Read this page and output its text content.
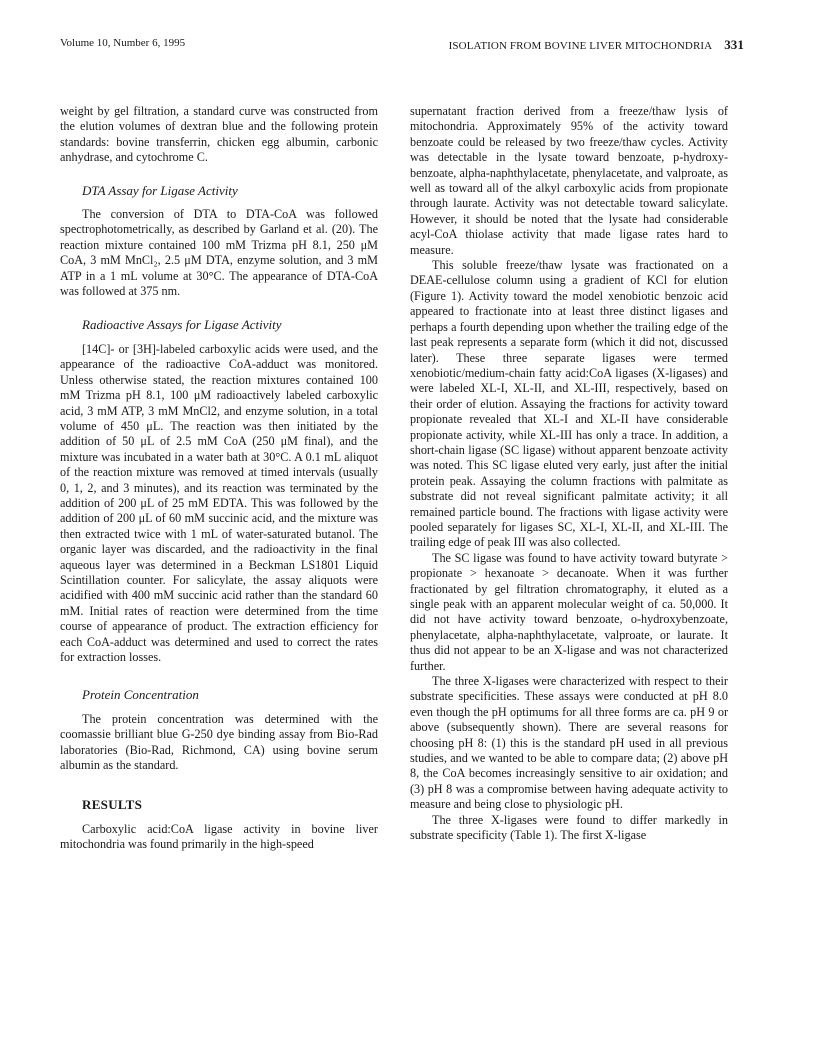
Volume 10, Number 6, 1995	ISOLATION FROM BOVINE LIVER MITOCHONDRIA 331

weight by gel filtration, a standard curve was constructed from the elution volumes of dextran blue and the following protein standards: bovine transferrin, chicken egg albumin, carbonic anhydrase, and cytochrome C.

DTA Assay for Ligase Activity

The conversion of DTA to DTA-CoA was followed spectrophotometrically, as described by Garland et al. (20). The reaction mixture contained 100 mM Trizma pH 8.1, 250 μM CoA, 3 mM MnCl₂, 2.5 μM DTA, enzyme solution, and 3 mM ATP in a 1 mL volume at 30°C. The appearance of DTA-CoA was followed at 375 nm.

Radioactive Assays for Ligase Activity

[14C]- or [3H]-labeled carboxylic acids were used, and the appearance of the radioactive CoA-adduct was monitored. Unless otherwise stated, the reaction mixtures contained 100 mM Trizma pH 8.1, 100 μM radioactively labeled carboxylic acid, 3 mM ATP, 3 mM MnCl2, and enzyme solution, in a total volume of 450 μL. The reaction was then initiated by the addition of 50 μL of 2.5 mM CoA (250 μM final), and the mixture was incubated in a water bath at 30°C. A 0.1 mL aliquot of the reaction mixture was removed at timed intervals (usually 0, 1, 2, and 3 minutes), and its reaction was terminated by the addition of 200 μL of 25 mM EDTA. This was followed by the addition of 200 μL of 60 mM succinic acid, and the mixture was then extracted twice with 1 mL of water-saturated butanol. The organic layer was discarded, and the radioactivity in the final aqueous layer was determined in a Beckman LS1801 Liquid Scintillation counter. For salicylate, the assay aliquots were acidified with 400 mM succinic acid rather than the standard 60 mM. Initial rates of reaction were determined from the time course of appearance of product. The extraction efficiency for each CoA-adduct was determined and used to correct the rates for extraction losses.

Protein Concentration

The protein concentration was determined with the coomassie brilliant blue G-250 dye binding assay from Bio-Rad laboratories (Bio-Rad, Richmond, CA) using bovine serum albumin as the standard.

RESULTS

Carboxylic acid:CoA ligase activity in bovine liver mitochondria was found primarily in the high-speed

supernatant fraction derived from a freeze/thaw lysis of mitochondria. Approximately 95% of the activity toward benzoate could be released by two freeze/thaw cycles. Activity was detectable in the lysate toward benzoate, p-hydroxy-benzoate, alpha-naphthylacetate, phenylacetate, and valproate, as well as toward all of the alkyl carboxylic acids from propionate through laurate. Activity was not detectable toward salicylate. However, it should be noted that the lysate had considerable acyl-CoA thiolase activity that made ligase rates hard to measure.

This soluble freeze/thaw lysate was fractionated on a DEAE-cellulose column using a gradient of KCl for elution (Figure 1). Activity toward the model xenobiotic benzoic acid appeared to fractionate into at least three distinct ligases and perhaps a fourth depending upon whether the trailing edge of the last peak represents a separate form (which it did not, discussed later). These three separate ligases were termed xenobiotic/medium-chain fatty acid:CoA ligases (X-ligases) and were labeled XL-I, XL-II, and XL-III, respectively, based on their order of elution. Assaying the fractions for activity toward propionate revealed that XL-I and XL-II have considerable propionate activity, while XL-III has only a trace. In addition, a short-chain ligase (SC ligase) without apparent benzoate activity was noted. This SC ligase eluted very early, just after the initial protein peak. Assaying the column fractions with palmitate as substrate did not reveal significant palmitate activity; it all remained particle bound. The fractions with ligase activity were pooled separately for ligases SC, XL-I, XL-II, and XL-III. The trailing edge of peak III was also collected.

The SC ligase was found to have activity toward butyrate > propionate > hexanoate > decanoate. When it was further fractionated by gel filtration chromatography, it eluted as a single peak with an apparent molecular weight of ca. 50,000. It did not have activity toward benzoate, o-hydroxybenzoate, phenylacetate, alpha-naphthylacetate, valproate, or laurate. It thus did not appear to be an X-ligase and was not characterized further.

The three X-ligases were characterized with respect to their substrate specificities. These assays were conducted at pH 8.0 even though the pH optimums for all three forms are ca. pH 9 or above (subsequently shown). There are several reasons for choosing pH 8: (1) this is the standard pH used in all previous studies, and we wanted to be able to compare data; (2) above pH 8, the CoA becomes increasingly sensitive to air oxidation; and (3) pH 8 was a compromise between having adequate activity to measure and being close to physiologic pH.

The three X-ligases were found to differ markedly in substrate specificity (Table 1). The first X-ligase
